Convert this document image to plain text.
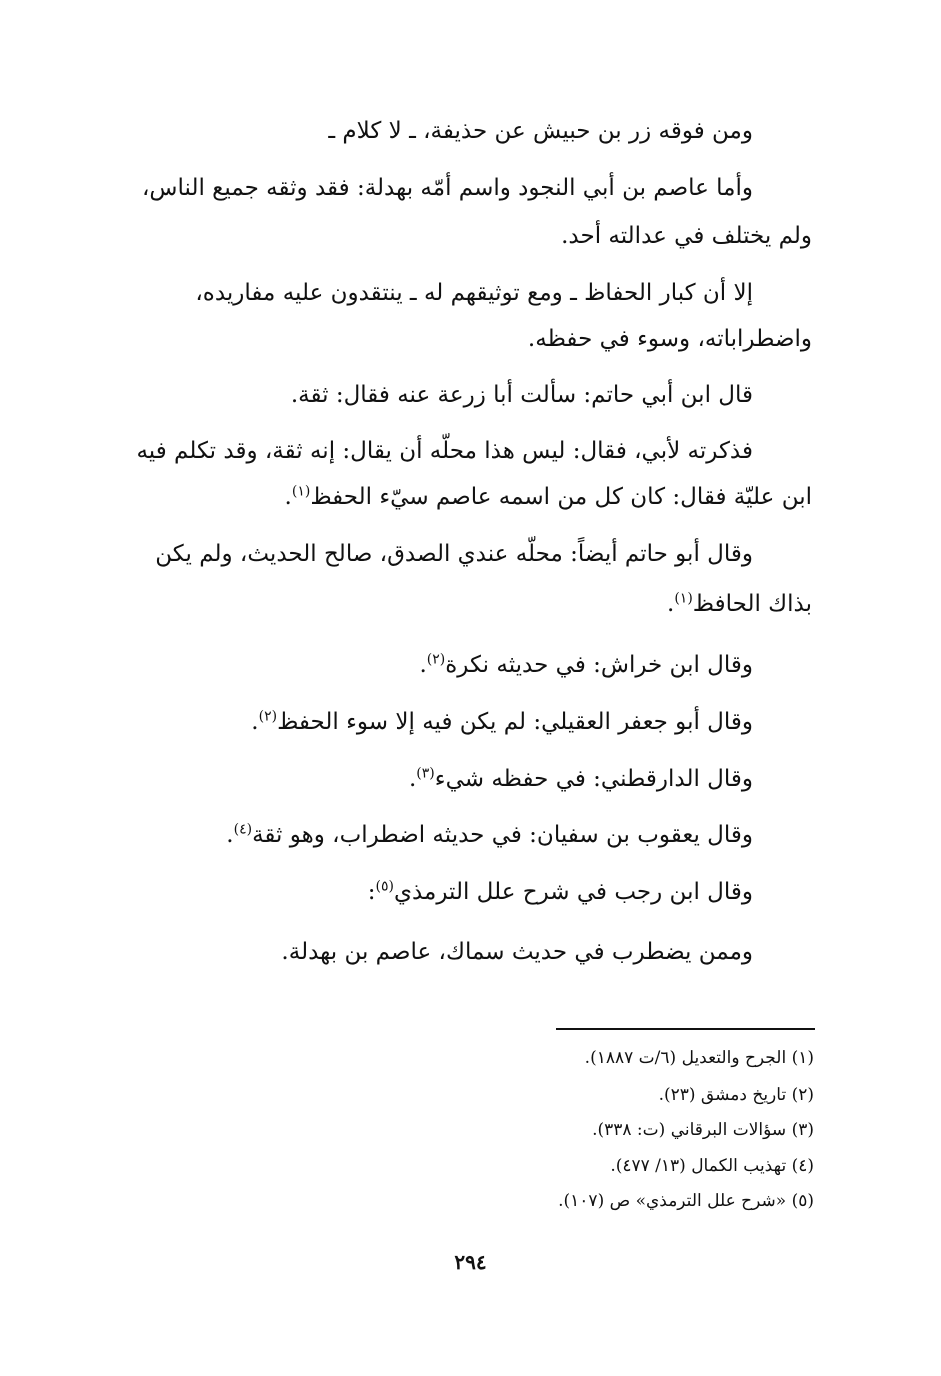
ومن فوقه زر بن حبيش عن حذيفة، ـ لا كلام ـ
وأما عاصم بن أبي النجود واسم أمّه بهدلة: فقد وثقه جميع الناس،
ولم يختلف في عدالته أحد.
إلا أن كبار الحفاظ ـ ومع توثيقهم له ـ ينتقدون عليه مفاريده،
واضطراباته، وسوء في حفظه.
قال ابن أبي حاتم: سألت أبا زرعة عنه فقال: ثقة.
فذكرته لأبي، فقال: ليس هذا محلّه أن يقال: إنه ثقة، وقد تكلم فيه
ابن عليّة فقال: كان كل من اسمه عاصم سيّء الحفظ$^{(١)}$.
وقال أبو حاتم أيضاً: محلّه عندي الصدق، صالح الحديث، ولم يكن
بذاك الحافظ$^{(١)}$.
وقال ابن خراش: في حديثه نكرة$^{(٢)}$.
وقال أبو جعفر العقيلي: لم يكن فيه إلا سوء الحفظ$^{(٢)}$.
وقال الدارقطني: في حفظه شيء$^{(٣)}$.
وقال يعقوب بن سفيان: في حديثه اضطراب، وهو ثقة$^{(٤)}$.
وقال ابن رجب في شرح علل الترمذي$^{(٥)}$:
وممن يضطرب في حديث سماك، عاصم بن بهدلة.
(١) الجرح والتعديل (٦/ت ١٨٨٧).
(٢) تاريخ دمشق (٢٣).
(٣) سؤالات البرقاني (ت: ٣٣٨).
(٤) تهذيب الكمال (١٣/ ٤٧٧).
(٥) «شرح علل الترمذي» ص (١٠٧).
٢٩٤
